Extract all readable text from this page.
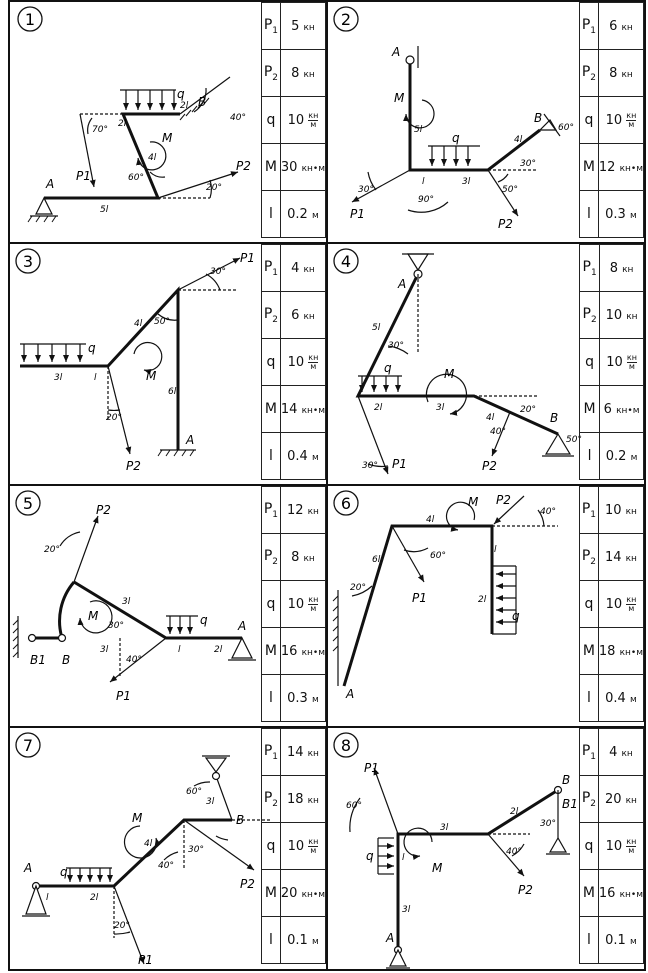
1
A
B
M
q
P1
P2
2l
2l
4l
5l
70°
60°
40°
20°
$P_1$	5 кн
$P_2$	8 кн
q	$10 \frac{кн}{м}$

M	30 кн•м
l	0.2 м
2
A
B
M
q
P1
P2
5l
l	3l
4l
30°
90°
50°
30°
60°
$P_1$	6 кн
$P_2$	8 кн
q	$10 \frac{кн}{м}$

M	12 кн•м
l	0.3 м
3
A
M
q
P1
P2
3l	l
4l
6l
30°
50°
20°
$P_1$	4 кн
$P_2$	6 кн
q	$10 \frac{кн}{м}$

M	14 кн•м
l	0.4 м
4
A
B
M
q
P1	P2
5l
2l	3l
4l
30°
20°
40°
50°
30°
$P_1$	8 кн
$P_2$	10 кн
q	$10 \frac{кн}{м}$

M	6 кн•м
l	0.2 м
5
A
B
B1
M	q
P1
P2
3l
3l	l	2l
20°
30°
40°
$P_1$	12 кн
$P_2$	8 кн
q	$10 \frac{кн}{м}$

M	16 кн•м
l	0.3 м
6
A
M
q
P1
P2
4l
6l
l
2l
20°
60°
40° $P_1$	10 кн
$P_2$	14 кн
q	$10 \frac{кн}{м}$

M	18 кн•м
l	0.4 м
7
A
B
M
q
P1
P2
l	2l
4l
3l
40°
60°
30°
20°
$P_1$	14 кн
$P_2$	18 кн
q	$10 \frac{кн}{м}$

M	20 кн•м
l	0.1 м
8
A
B
B1
M
q
P1
P2
l
3l
3l
2l
60°
30°
40°
$P_1$	4 кн
$P_2$	20 кн
q	$10 \frac{кн}{м}$

M	16 кн•м
l	0.1 м
